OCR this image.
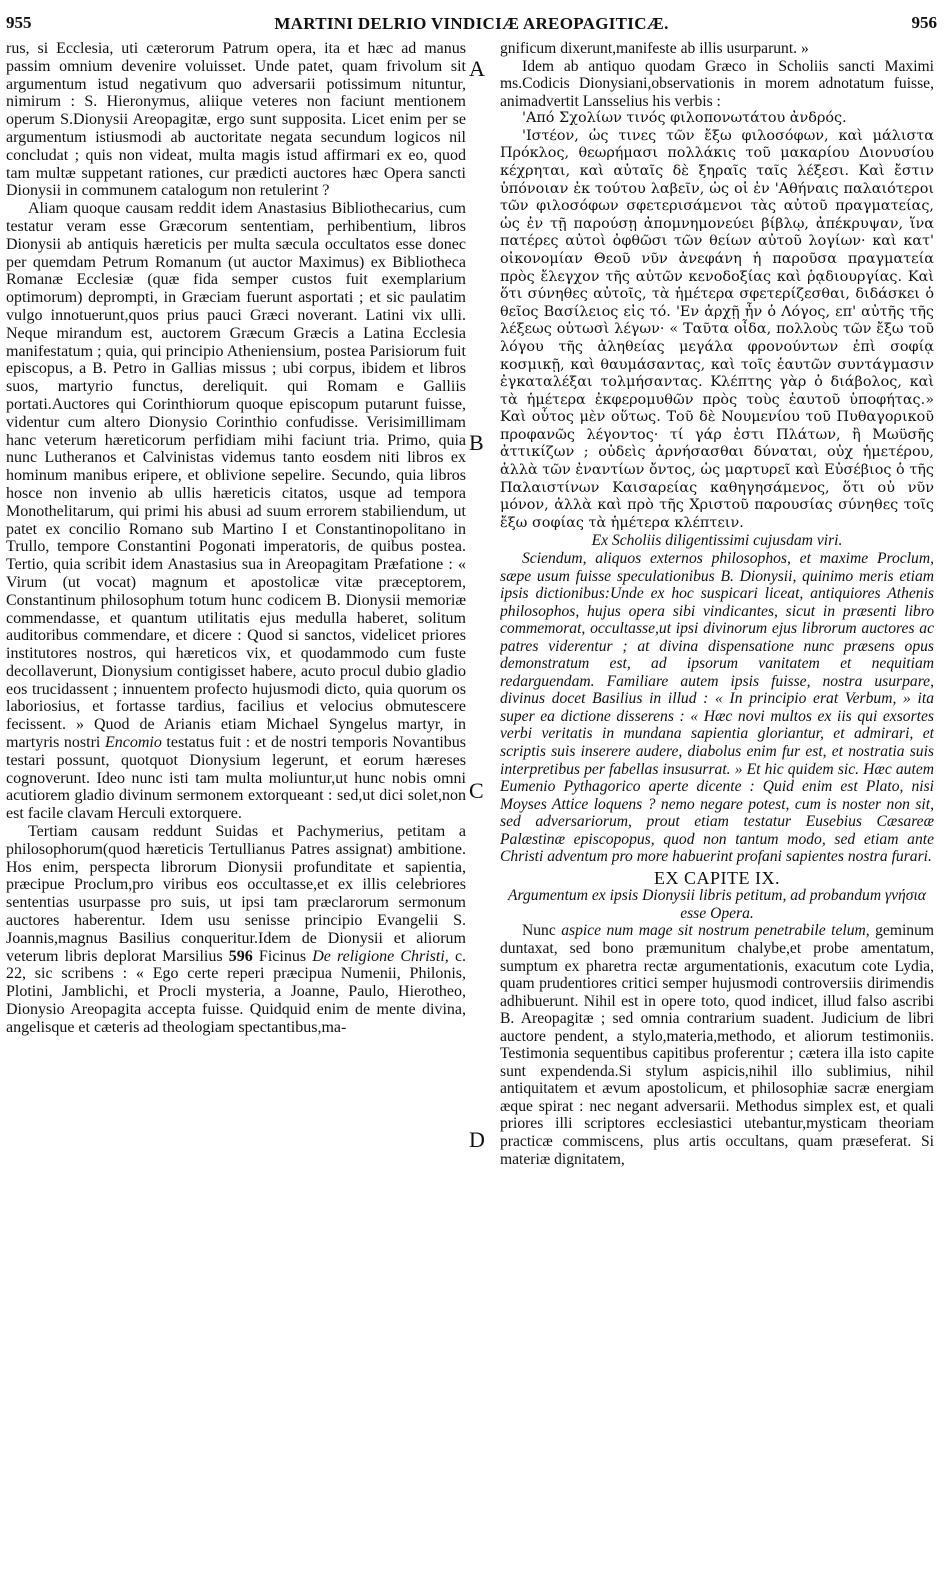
955	MARTINI DELRIO VINDICIÆ AREOPAGITICÆ.	956
A
B
C
D

rus, si Ecclesia, uti cæterorum Patrum opera, ita et hæc ad manus passim omnium devenire voluisset. Unde patet, quam frivolum sit argumentum istud negativum quo adversarii potissimum nituntur, nimirum : S. Hieronymus, aliique veteres non faciunt mentionem operum S.Dionysii Areopagitæ, ergo sunt supposita. Licet enim per se argumentum istiusmodi ab auctoritate negata secundum logicos nil concludat ; quis non videat, multa magis istud affirmari ex eo, quod tam multæ suppetant rationes, cur prædicti auctores hæc Opera sancti Dionysii in communem catalogum non retulerint ?

Aliam quoque causam reddit idem Anastasius Bibliothecarius, cum testatur veram esse Græcorum sententiam, perhibentium, libros Dionysii ab antiquis hæreticis per multa sæcula occultatos esse donec per quemdam Petrum Romanum (ut auctor Maximus) ex Bibliotheca Romanæ Ecclesiæ (quæ fida semper custos fuit exemplarium optimorum) deprompti, in Græciam fuerunt asportati ; et sic paulatim vulgo innotuerunt,quos prius pauci Græci noverant. Latini vix ulli. Neque mirandum est, auctorem Græcum Græcis a Latina Ecclesia manifestatum ; quia, qui principio Atheniensium, postea Parisiorum fuit episcopus, a B. Petro in Gallias missus ; ubi corpus, ibidem et libros suos, martyrio functus, dereliquit. qui Romam e Galliis portati.Auctores qui Corinthiorum quoque episcopum putarunt fuisse, videntur cum altero Dionysio Corinthio confudisse. Verisimillimam hanc veterum hæreticorum perfidiam mihi faciunt tria. Primo, quia nunc Lutheranos et Calvinistas videmus tanto eosdem niti libros ex hominum manibus eripere, et oblivione sepelire. Secundo, quia libros hosce non invenio ab ullis hæreticis citatos, usque ad tempora Monothelitarum, qui primi his abusi ad suum errorem stabiliendum, ut patet ex concilio Romano sub Martino I et Constantinopolitano in Trullo, tempore Constantini Pogonati imperatoris, de quibus postea. Tertio, quia scribit idem Anastasius sua in Areopagitam Præfatione : « Virum (ut vocat) magnum et apostolicæ vitæ præceptorem, Constantinum philosophum totum hunc codicem B. Dionysii memoriæ commendasse, et quantum utilitatis ejus medulla haberet, solitum auditoribus commendare, et dicere : Quod si sanctos, videlicet priores institutores nostros, qui hæreticos vix, et quodammodo cum fuste decollaverunt, Dionysium contigisset habere, acuto procul dubio gladio eos trucidassent ; innuentem profecto hujusmodi dicto, quia quorum os laboriosius, et fortasse tardius, facilius et velocius obmutescere fecissent. » Quod de Arianis etiam Michael Syngelus martyr, in martyris nostri Encomio testatus fuit : et de nostri temporis Novantibus testari possunt, quotquot Dionysium legerunt, et eorum hæreses cognoverunt. Ideo nunc isti tam multa moliuntur,ut hunc nobis omni acutiorem gladio divinum sermonem extorqueant : sed,ut dici solet,non est facile clavam Herculi extorquere.

Tertiam causam reddunt Suidas et Pachymerius, petitam a philosophorum(quod hæreticis Tertullianus Patres assignat) ambitione. Hos enim, perspecta librorum Dionysii profunditate et sapientia, præcipue Proclum,pro viribus eos occultasse,et ex illis celebriores sententias usurpasse pro suis, ut ipsi tam præclarorum sermonum auctores haberentur. Idem usu senisse principio Evangelii S. Joannis,magnus Basilius conqueritur.Idem de Dionysii et aliorum veterum libris deplorat Marsilius 596 Ficinus De religione Christi, c. 22, sic scribens : « Ego certe reperi præcipua Numenii, Philonis, Plotini, Jamblichi, et Procli mysteria, a Joanne, Paulo, Hierotheo, Dionysio Areopagita accepta fuisse. Quidquid enim de mente divina, angelisque et cæteris ad theologiam spectantibus,ma-

gnificum dixerunt,manifeste ab illis usurparunt. »

Idem ab antiquo quodam Græco in Scholiis sancti Maximi ms.Codicis Dionysiani,observationis in morem adnotatum fuisse, animadvertit Lansselius his verbis :

'Από Σχολίων τινός φιλοπονωτάτου ἀνδρός.

'Ιστέον, ὡς τινες τῶν ἔξω φιλοσόφων, καὶ μάλιστα Πρόκλος, θεωρήμασι πολλάκις τοῦ μακαρίου Διονυσίου κέχρηται, καὶ αὐταῖς δὲ ξηραῖς ταῖς λέξεσι. Καὶ ἔστιν ὑπόνοιαν ἐκ τούτου λαβεῖν, ὡς οἱ ἐν 'Αθήναις παλαιότεροι τῶν φιλοσόφων σφετερισάμενοι τὰς αὐτοῦ πραγματείας, ὡς ἐν τῇ παρούσῃ ἀπομνημονεύει βίβλῳ, ἀπέκρυψαν, ἵνα πατέρες αὐτοὶ ὀφθῶσι τῶν θείων αὐτοῦ λογίων· καὶ κατ' οἰκονομίαν Θεοῦ νῦν ἀνεφάνη ἡ παροῦσα πραγματεία πρὸς ἔλεγχον τῆς αὐτῶν κενοδοξίας καὶ ῥᾳδιουργίας. Καὶ ὅτι σύνηθες αὐτοῖς, τὰ ἡμέτερα σφετερίζεσθαι, διδάσκει ὁ θεῖος Βασίλειος εἰς τό. 'Εν ἀρχῇ ἦν ὁ Λόγος, επ' αὐτῆς τῆς λέξεως οὑτωσὶ λέγων· « Ταῦτα οἶδα, πολλοὺς τῶν ἔξω τοῦ λόγου τῆς ἀληθείας μεγάλα φρονούντων ἐπὶ σοφίᾳ κοσμικῇ, καὶ θαυμάσαντας, καὶ τοῖς ἑαυτῶν συντάγμασιν ἐγκαταλέξαι τολμήσαντας. Κλέπτης γὰρ ὁ διάβολος, καὶ τὰ ἡμέτερα ἐκφερομυθῶν πρὸς τοὺς ἑαυτοῦ ὑποφήτας.» Καὶ οὗτος μὲν οὕτως. Τοῦ δὲ Νουμενίου τοῦ Πυθαγορικοῦ προφανῶς λέγοντος· τί γάρ ἐστι Πλάτων, ἢ Μωϋσῆς ἀττικίζων ; οὐδεὶς ἀρνήσασθαι δύναται, οὐχ ἡμετέρου, ἀλλὰ τῶν ἐναντίων ὄντος, ὡς μαρτυρεῖ καὶ Εὐσέβιος ὁ τῆς Παλαιστίνων Καισαρείας καθηγησάμενος, ὅτι οὐ νῦν μόνον, ἀλλὰ καὶ πρὸ τῆς Χριστοῦ παρουσίας σύνηθες τοῖς ἔξω σοφίας τὰ ἡμέτερα κλέπτειν.

Ex Scholiis diligentissimi cujusdam viri.

Sciendum, aliquos externos philosophos, et maxime Proclum, sæpe usum fuisse speculationibus B. Dionysii, quinimo meris etiam ipsis dictionibus:Unde ex hoc suspicari liceat, antiquiores Athenis philosophos, hujus opera sibi vindicantes, sicut in præsenti libro commemorat, occultasse,ut ipsi divinorum ejus librorum auctores ac patres viderentur ; at divina dispensatione nunc præsens opus demonstratum est, ad ipsorum vanitatem et nequitiam redarguendam. Familiare autem ipsis fuisse, nostra usurpare, divinus docet Basilius in illud : « In principio erat Verbum, » ita super ea dictione disserens : « Hæc novi multos ex iis qui exsortes verbi veritatis in mundana sapientia gloriantur, et admirari, et scriptis suis inserere audere, diabolus enim fur est, et nostratia suis interpretibus per fabellas insusurrat. » Et hic quidem sic. Hæc autem Eumenio Pythagorico aperte dicente : Quid enim est Plato, nisi Moyses Attice loquens ? nemo negare potest, cum is noster non sit, sed adversariorum, prout etiam testatur Eusebius Cæsareæ Palæstinæ episcopopus, quod non tantum modo, sed etiam ante Christi adventum pro more habuerint profani sapientes nostra furari.

EX CAPITE IX.

Argumentum ex ipsis Dionysii libris petitum, ad probandum γνήσια esse Opera.

Nunc aspice num mage sit nostrum penetrabile telum, geminum duntaxat, sed bono præmunitum chalybe,et probe amentatum, sumptum ex pharetra rectæ argumentationis, exacutum cote Lydia, quam prudentiores critici semper hujusmodi controversiis dirimendis adhibuerunt. Nihil est in opere toto, quod indicet, illud falso ascribi B. Areopagitæ ; sed omnia contrarium suadent. Judicium de libri auctore pendent, a stylo,materia,methodo, et aliorum testimoniis. Testimonia sequentibus capitibus proferentur ; cætera illa isto capite sunt expendenda.Si stylum aspicis,nihil illo sublimius, nihil antiquitatem et ævum apostolicum, et philosophiæ sacræ energiam æque spirat : nec negant adversarii. Methodus simplex est, et quali priores illi scriptores ecclesiastici utebantur,mysticam theoriam practicæ commiscens, plus artis occultans, quam præseferat. Si materiæ dignitatem,
